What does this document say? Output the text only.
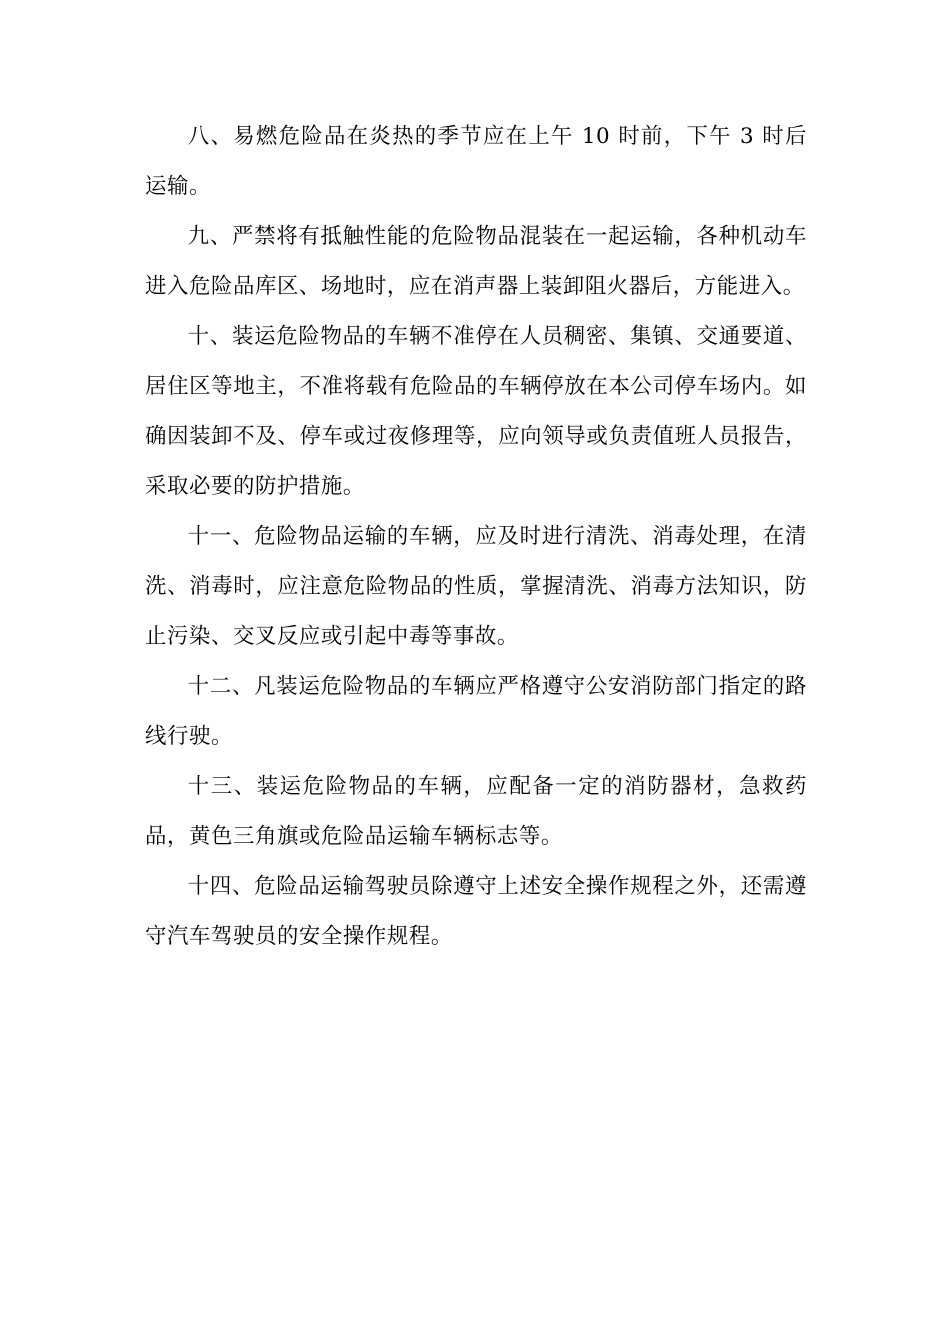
八、易燃危险品在炎热的季节应在上午 10 时前，下午 3 时后运输。

九、严禁将有抵触性能的危险物品混装在一起运输，各种机动车进入危险品库区、场地时，应在消声器上装卸阻火器后，方能进入。

十、装运危险物品的车辆不准停在人员稠密、集镇、交通要道、居住区等地主，不准将载有危险品的车辆停放在本公司停车场内。如确因装卸不及、停车或过夜修理等，应向领导或负责值班人员报告，采取必要的防护措施。

十一、危险物品运输的车辆，应及时进行清洗、消毒处理，在清洗、消毒时，应注意危险物品的性质，掌握清洗、消毒方法知识，防止污染、交叉反应或引起中毒等事故。

十二、凡装运危险物品的车辆应严格遵守公安消防部门指定的路线行驶。

十三、装运危险物品的车辆，应配备一定的消防器材，急救药品，黄色三角旗或危险品运输车辆标志等。

十四、危险品运输驾驶员除遵守上述安全操作规程之外，还需遵守汽车驾驶员的安全操作规程。
